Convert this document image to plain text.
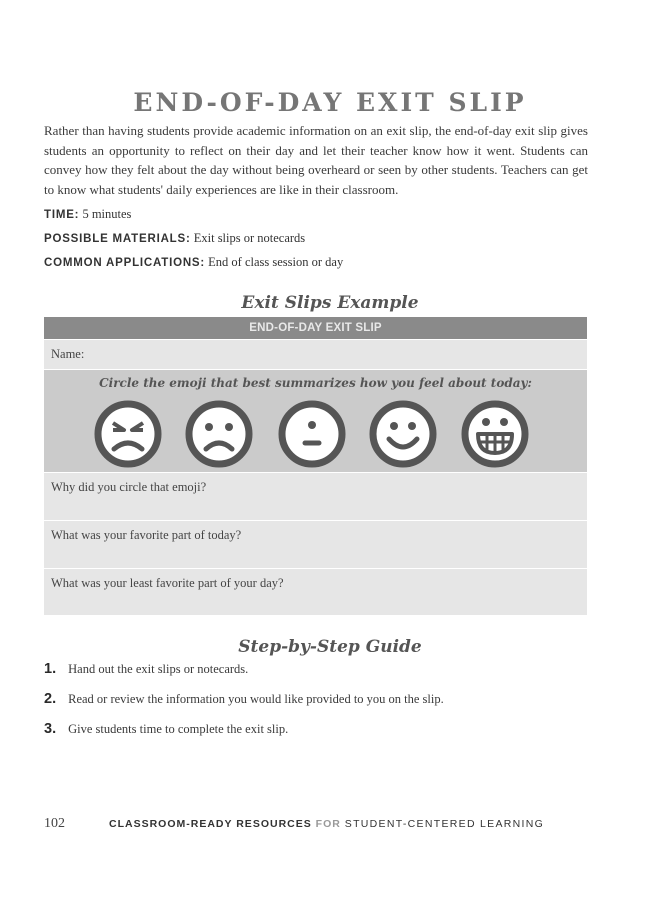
END-OF-DAY EXIT SLIP

Rather than having students provide academic information on an exit slip, the end-of-day exit slip gives students an opportunity to reflect on their day and let their teacher know how it went. Students can convey how they felt about the day without being overheard or seen by other students. Teachers can get to know what students' daily experiences are like in their classroom.

TIME: 5 minutes
POSSIBLE MATERIALS: Exit slips or notecards
COMMON APPLICATIONS: End of class session or day
Exit Slips Example
END-OF-DAY EXIT SLIP
Name:
Circle the emoji that best summarizes how you feel about today:
Why did you circle that emoji?
What was your favorite part of today?
What was your least favorite part of your day?
Step-by-Step Guide
1. Hand out the exit slips or notecards.
2. Read or review the information you would like provided to you on the slip.
3. Give students time to complete the exit slip.
102	CLASSROOM-READY RESOURCES FOR STUDENT-CENTERED LEARNING
